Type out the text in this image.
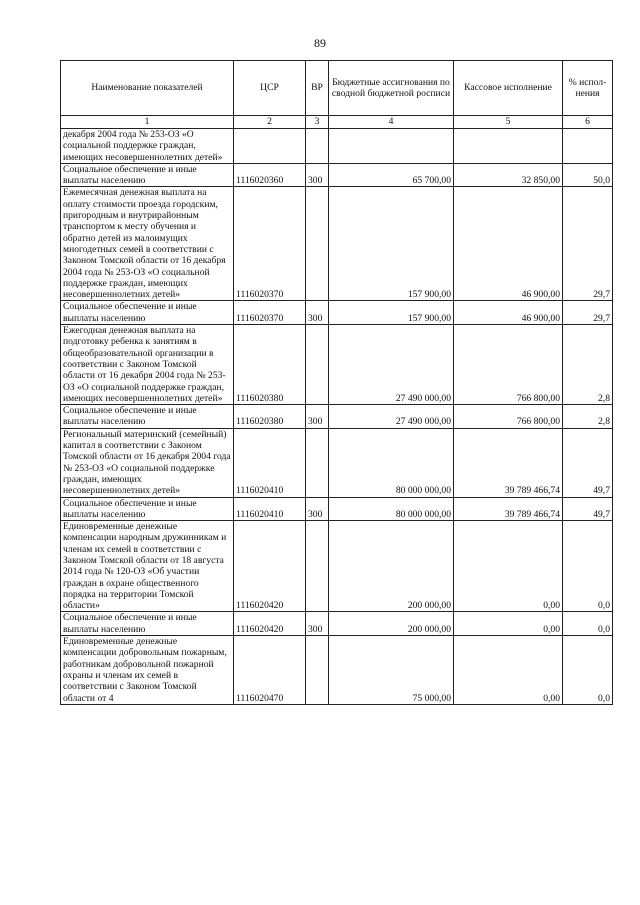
89
Наименование показателей	ЦСР	ВР	Бюджетные ассигнования по сводной бюджетной росписи	Кассовое исполнение	% испол-нения
1	2	3	4	5	6
декабря 2004 года № 253-ОЗ «О социальной поддержке граждан, имеющих несовершеннолетних детей»					
Социальное обеспечение и иные выплаты населению	1116020360	300	65 700,00	32 850,00	50,0
Ежемесячная денежная выплата на оплату стоимости проезда городским, пригородным и внутрирайонным транспортом к месту обучения и обратно детей из малоимущих многодетных семей в соответствии с Законом Томской области от 16 декабря 2004 года № 253-ОЗ «О социальной поддержке граждан, имеющих несовершеннолетних детей»	1116020370		157 900,00	46 900,00	29,7
Социальное обеспечение и иные выплаты населению	1116020370	300	157 900,00	46 900,00	29,7
Ежегодная денежная выплата на подготовку ребенка к занятиям в общеобразовательной организации в соответствии с Законом Томской области от 16 декабря 2004 года № 253-ОЗ «О социальной поддержке граждан, имеющих несовершеннолетних детей»	1116020380		27 490 000,00	766 800,00	2,8
Социальное обеспечение и иные выплаты населению	1116020380	300	27 490 000,00	766 800,00	2,8
Региональный материнский (семейный) капитал в соответствии с Законом Томской области от 16 декабря 2004 года № 253-ОЗ «О социальной поддержке граждан, имеющих несовершеннолетних детей»	1116020410		80 000 000,00	39 789 466,74	49,7
Социальное обеспечение и иные выплаты населению	1116020410	300	80 000 000,00	39 789 466,74	49,7
Единовременные денежные компенсации народным дружинникам и членам их семей в соответствии с Законом Томской области от 18 августа 2014 года № 120-ОЗ «Об участии граждан в охране общественного порядка на территории Томской области»	1116020420		200 000,00	0,00	0,0
Социальное обеспечение и иные выплаты населению	1116020420	300	200 000,00	0,00	0,0
Единовременные денежные компенсации добровольным пожарным, работникам добровольной пожарной охраны и членам их семей в соответствии с Законом Томской области от 4	1116020470		75 000,00	0,00	0,0
